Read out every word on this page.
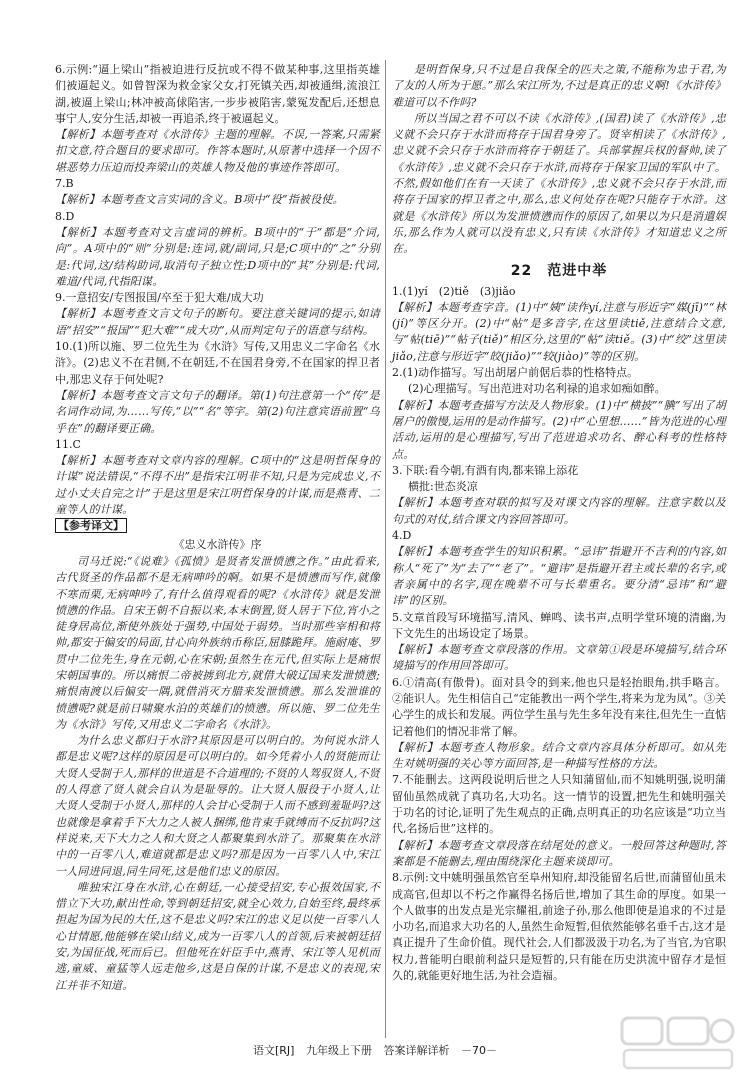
6.示例:“逼上梁山”指被迫进行反抗或不得不做某种事,这里指英雄们被逼起义。如曾智深为救金家父女,打死镇关西,却被通缉,流浪江湖,被逼上梁山;林冲被高俅陷害,一步步被陷害,蒙冤发配后,还想息事宁人,安分生活,却被一再追杀,终于被逼起义。

【解析】本题考查对《水浒传》主题的理解。不误,一答案,只需紧扣文意,符合题目的要求即可。作答本题时,从原著中选择一个因不堪恶势力压迫而投奔梁山的英雄人物及他的事迹作答即可。

7.B

【解析】本题考查文言实词的含义。B项中“役”指被役使。

8.D

【解析】本题考查对文言虚词的辨析。B项中的“于”都是“介词,向”。A项中的“则”分别是:连词,就/副词,只是;C项中的“之”分别是:代词,这/结构助词,取消句子独立性;D项中的“其”分别是:代词,难道/代词,代指阳谋。

9.一意招安/专图报国/卒至于犯大难/成大功

【解析】本题考查文言文句子的断句。要注意关键词的提示,如请语“招安”“报国”“犯大难”“成大功”,从而判定句子的语意与结构。

10.(1)所以施、罗二位先生为《水浒》写传,又用忠义二字命名《水浒》。(2)忠义不在君侧,不在朝廷,不在国君身旁,不在国家的捍卫者中,那忠义存于何处呢?

【解析】本题考查文言文句子的翻译。第(1)句注意第一个“传”是名词作动词,为……写传,“以”“名”等字。第(2)句注意宾语前置“乌乎在”的翻译要正确。

11.C

【解析】本题考查对文章内容的理解。C项中的“这是明哲保身的计谋”说法错误,“不得不出”是指宋江明非不知,只是为完成忠义,不过小丈夫自完之计”于是这里是宋江明哲保身的计谋,而是燕青、二童等人的计谋。

【参考译文】

《忠义水浒传》序

司马迁说:“《说难》《孤愤》是贤者发泄愤懑之作。”由此看来,古代贤圣的作品都不是无病呻吟的啊。如果不是愤懑而写作,就像不寒而栗,无病呻吟了,有什么值得观看的呢?《水浒传》就是发泄愤懑的作品。自宋王朝不自振以来,本末倒置,贤人居于下位,宵小之徒身居高位,渐使外族处于强势,中国处于弱势。当时那些宰相和将帅,都安于偏安的局面,甘心向外族纳币称臣,屈膝跪拜。施耐庵、罗贯中二位先生,身在元朝,心在宋朝;虽然生在元代,但实际上是痛恨宋朝国事的。所以痛恨二帝被掳到北方,就借大破辽国来发泄愤懑;痛恨南渡以后偏安一隅,就借消灭方腊来发泄愤懑。那么发泄谁的愤懑呢?就是前日啸聚水泊的英雄们的愤懑。所以施、罗二位先生为《水浒》写传,又用忠义二字命名《水浒》。

为什么忠义都归于水浒?其原因是可以明白的。为何说水浒人都是忠义呢?这样的原因是可以明白的。如今凭着小人的贤能而让大贤人受制于人,那样的世道是不合道理的;不贤的人驾驭贤人,不贤的人得意了贤人就会自认为是耻辱的。让大贤人服役于小贤人,让大贤人受制于小贤人,那样的人会甘心受制于人而不感到羞耻吗?这也就像是拿着手下大力之人被人捆绑,他肯束手就缚而不反抗吗?这样说来,天下大力之人和大贤之人都聚集到水浒了。那聚集在水浒中的一百零八人,难道就都是忠义吗?那是因为一百零八人中,宋江一人同进同退,同生同死,这是他们忠义的原因。

唯独宋江身在水浒,心在朝廷,一心接受招安,专心报效国家,不惜立下大功,献出性命,等到朝廷招安,就全心效力,自始至终,最终承担起为国为民的大任,这不是忠义吗?宋江的忠义足以使一百零八人心甘情愿,他能够在梁山结义,成为一百零八人的首领,后来被朝廷招安,为国征战,死而后已。但他死在奸臣手中,燕青、宋江等人见机而逃,童威、童猛等人远走他乡,这是自保的计谋,不是忠义的表现,宋江并非不知道。

是明哲保身,只不过是自我保全的匹夫之策,不能称为忠于君,为了友的人所为于愿。”那么宋江所为,不过是真正的忠义啊!《水浒传》难道可以不作吗?

所以当国之君不可以不读《水浒传》,(国君)读了《水浒传》,忠义就不会只存于水浒而将存于国君身旁了。贤宰相读了《水浒传》,忠义就不会只存于水浒而将存于朝廷了。兵部掌握兵权的督帅,读了《水浒传》,忠义就不会只存于水浒,而将存于保家卫国的军队中了。不然,假如他们在有一天读了《水浒传》,忠义就不会只存于水浒,而将存于国家的捍卫者之中,那么,忠义何处存在呢?只能存于水浒。这就是《水浒传》所以为发泄愤懑而作的原因了,如果以为只是消遣娱乐,那么作为人就可以没有忠义,只有读《水浒传》才知道忠义之所在。

22　范进中举

1.(1)yí　(2)tiě　(3)jiǎo

【解析】本题考查字音。(1)中“姨”读作yí,注意与形近字“媒(jī)”“林(jí)”等区分开。(2)中“帖”是多音字,在这里读tiě,注意结合文意,与“帖(tiē)”“帖子(tiě)”相区分,这里的“帖”读tiě。(3)中“绞”这里读jiǎo,注意与形近字“皎(jiǎo)”“较(jiào)”等的区别。

2.(1)动作描写。写出胡屠户前倨后恭的性格特点。

(2)心理描写。写出范进对功名利禄的追求如痴如醉。

【解析】本题考查描写方法及人物形象。(1)中“横披”“腆”写出了胡屠户的傲慢,运用的是动作描写。(2)中“心里想……”皆为范进的心理活动,运用的是心理描写,写出了范进追求功名、醉心科考的性格特点。

3.下联:看今朝,有酒有肉,都来锦上添花

横批:世态炎凉

【解析】本题考查对联的拟写及对课文内容的理解。注意字数以及句式的对仗,结合课文内容回答即可。

4.D

【解析】本题考查学生的知识积累。“忌讳”指避开不吉利的内容,如称人“死了”为“去了”“老了”。“避讳”是指避开君主或长辈的名字,或者亲属中的名字,现在晚辈不可与长辈重名。要分清“忌讳”和“避讳”的区别。

5.文章首段写环境描写,清风、蝉鸣、读书声,点明学堂环境的清幽,为下文先生的出场设定了场景。

【解析】本题考查文章段落的作用。文章第①段是环境描写,结合环境描写的作用回答即可。

6.①清高(有傲骨)。面对县令的到来,他也只是轻抬眼角,拱手略言。②能识人。先生相信自己“定能教出一两个学生,将来为龙为凤”。③关心学生的成长和发展。两位学生虽与先生多年没有来往,但先生一直惦记着他们的情况非常了解。

【解析】本题考查人物形象。结合文章内容具体分析即可。如从先生对姚明强的关心等方面回答,是一种描写性格的方法。

7.不能删去。这两段说明后世之人只知蒲留仙,而不知姚明强,说明蒲留仙虽然成就了真功名,大功名。这一情节的设置,把先生和姚明强关于功名的讨论,证明了先生观点的正确,点明真正的功名应该是“功立当代,名扬后世”这样的。

【解析】本题考查文章段落在结尾处的意义。一般回答这种题时,答案都是不能删去,理由围绕深化主题来谈即可。

8.示例:文中姚明强虽然官至阜州知府,却没能留名后世,而蒲留仙虽未成高官,但却以不朽之作赢得名扬后世,增加了其生命的厚度。如果一个人做事的出发点是光宗耀祖,前途子孙,那么他即使是追求的不过是小功名,而追求大功名的人,虽然生命短暂,但依然能够名垂千古,这才是真正提升了生命价值。现代社会,人们都汲汲于功名,为了当官,为官职权力,普能明白眼前利益只是短暂的,只有能在历史洪流中留存才是恒久的,就能更好地生活,为社会造福。

语文[RJ] 九年级上下册 答案详解详析 －70－
